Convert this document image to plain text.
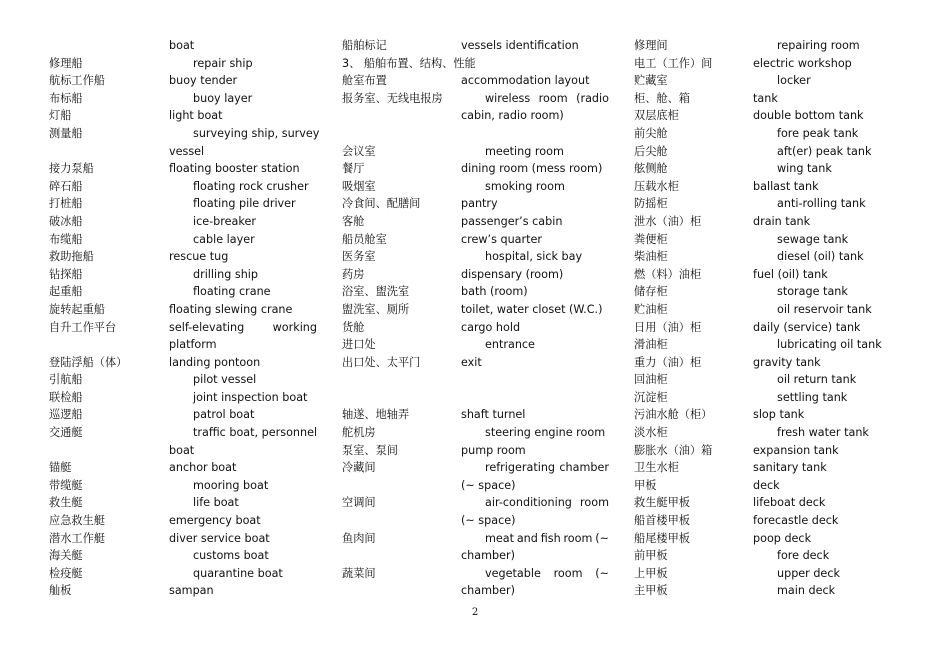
boat
修理船	repair ship
航标工作船	buoy tender
布标船	buoy layer
灯船	light boat
测量船	surveying ship, survey
vessel
接力泵船	floating booster station
碎石船	floating rock crusher
打桩船	floating pile driver
破冰船	ice-breaker
布缆船	cable layer
救助拖船	rescue tug
钻探船	drilling ship
起重船	floating crane
旋转起重船	floating slewing crane
自升工作平台	self-elevating	working
platform
登陆浮船（体）	landing pontoon
引航船	pilot vessel
联检船	joint inspection boat
巡逻船	patrol boat
交通艇	traffic boat, personnel
boat
锚艇	anchor boat
带缆艇	mooring boat
救生艇	life boat
应急救生艇	emergency boat
潜水工作艇	diver service boat
海关艇	customs boat
检疫艇	quarantine boat
舢板	sampan
船舶标记	vessels identification
3、 船舶布置、结构、性能
舱室布置	accommodation layout
报务室、无线电报房	wireless room (radio
cabin, radio room)
会议室	meeting room
餐厅	dining room (mess room)
吸烟室	smoking room
冷食间、配膳间	pantry
客舱	passenger’s cabin
船员舱室	crew’s quarter
医务室	hospital, sick bay
药房	dispensary (room)
浴室、盥洗室	bath (room)
盥洗室、厕所	toilet, water closet (W.C.)
货舱	cargo hold
进口处	entrance
出口处、太平门	exit
轴遂、地轴弄	shaft turnel
舵机房	steering engine room
泵室、泵间	pump room
冷藏间	refrigerating chamber
(~ space)
空调间	air-conditioning room
(~ space)
鱼肉间	meat and fish room (~
chamber)
蔬菜间	vegetable room (~
chamber)
修理间	repairing room
电工（工作）间	electric workshop
贮藏室	locker
柜、舱、箱	tank
双层底柜	double bottom tank
前尖舱	fore peak tank
后尖舱	aft(er) peak tank
舷侧舱	wing tank
压载水柜	ballast tank
防摇柜	anti-rolling tank
泄水（油）柜	drain tank
粪便柜	sewage tank
柴油柜	diesel (oil) tank
燃（料）油柜	fuel (oil) tank
储存柜	storage tank
贮油柜	oil reservoir tank
日用（油）柜	daily (service) tank
滑油柜	lubricating oil tank
重力（油）柜	gravity tank
回油柜	oil return tank
沉淀柜	settling tank
污油水舱（柜）	slop tank
淡水柜	fresh water tank
膨胀水（油）箱	expansion tank
卫生水柜	sanitary tank
甲板	deck
救生艇甲板	lifeboat deck
船首楼甲板	forecastle deck
船尾楼甲板	poop deck
前甲板	fore deck
上甲板	upper deck
主甲板	main deck
2
